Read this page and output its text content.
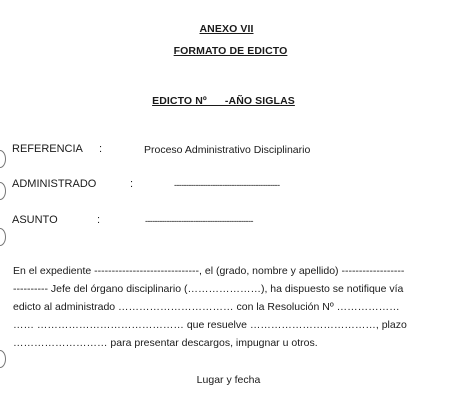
ANEXO VII
FORMATO DE EDICTO
EDICTO Nº      -AÑO SIGLAS
REFERENCIA :	Proceso Administrativo Disciplinario
ADMINISTRADO	:	--------------------------------------------
ASUNTO	:	---------------------------------------------
En el expediente ------------------------------, el (grado, nombre y apellido) ------------------
---------- Jefe del órgano disciplinario (…………………), ha dispuesto se notifique vía
edicto al administrado …………………………… con la Resolución Nº ………………
…… …………………………………… que resuelve ………………………………, plazo
……………………… para presentar descargos, impugnar u otros.
Lugar y fecha
